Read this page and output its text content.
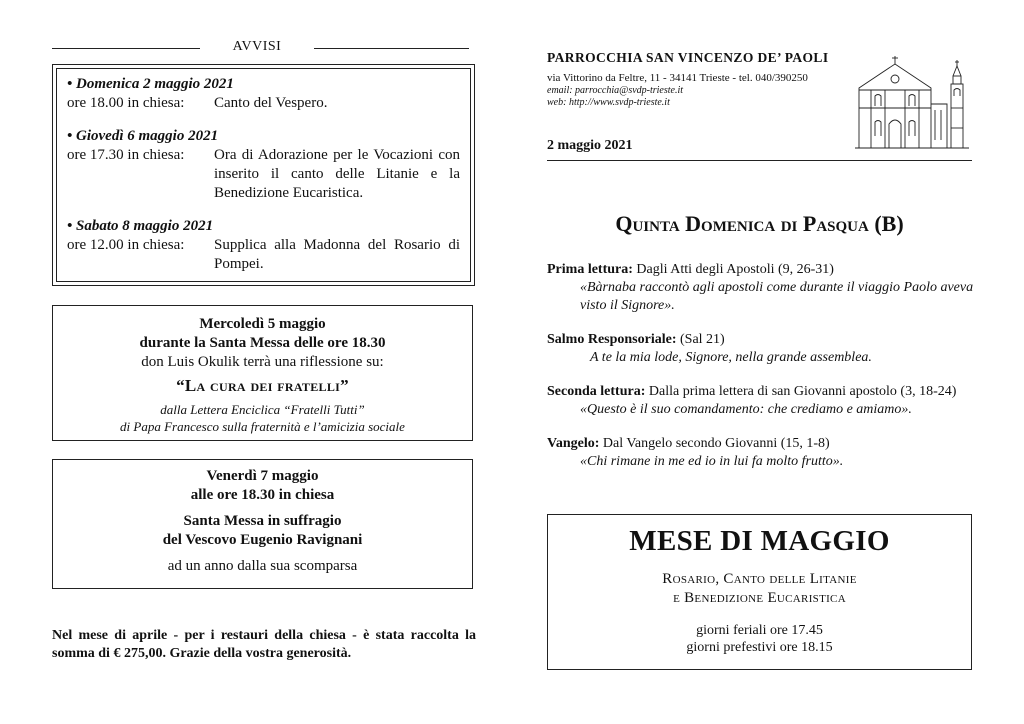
AVVISI
• Domenica 2 maggio 2021
ore 18.00 in chiesa:	Canto del Vespero.
• Giovedì 6 maggio 2021
ore 17.30 in chiesa:	Ora di Adorazione per le Vocazioni con inserito il canto delle Litanie e la Benedizione Eucaristica.
• Sabato 8 maggio 2021
ore 12.00 in chiesa:	Supplica alla Madonna del Rosario di Pompei.
Mercoledì 5 maggio
durante la Santa Messa delle ore 18.30
don Luis Okulik terrà una riflessione su:
“La cura dei fratelli”
dalla Lettera Enciclica “Fratelli Tutti”
di Papa Francesco sulla fraternità e l’amicizia sociale
Venerdì 7 maggio
alle ore 18.30 in chiesa
Santa Messa in suffragio
del Vescovo Eugenio Ravignani
ad un anno dalla sua scomparsa
Nel mese di aprile - per i restauri della chiesa - è stata raccolta la somma di € 275,00. Grazie della vostra generosità.
PARROCCHIA SAN VINCENZO DE’ PAOLI
via Vittorino da Feltre, 11 - 34141 Trieste - tel. 040/390250
email: parrocchia@svdp-trieste.it
web: http://www.svdp-trieste.it
2 maggio 2021
Quinta Domenica di Pasqua (B)
Prima lettura: Dagli Atti degli Apostoli (9, 26-31)
«Bàrnaba raccontò agli apostoli come durante il viaggio Paolo aveva visto il Signore».
Salmo Responsoriale: (Sal 21)
A te la mia lode, Signore, nella grande assemblea.
Seconda lettura: Dalla prima lettera di san Giovanni apostolo (3, 18-24)
«Questo è il suo comandamento: che crediamo e amiamo».
Vangelo: Dal Vangelo secondo Giovanni (15, 1-8)
«Chi rimane in me ed io in lui fa molto frutto».
MESE DI MAGGIO
Rosario, Canto delle Litanie
e Benedizione Eucaristica
giorni feriali ore 17.45
giorni prefestivi ore 18.15
